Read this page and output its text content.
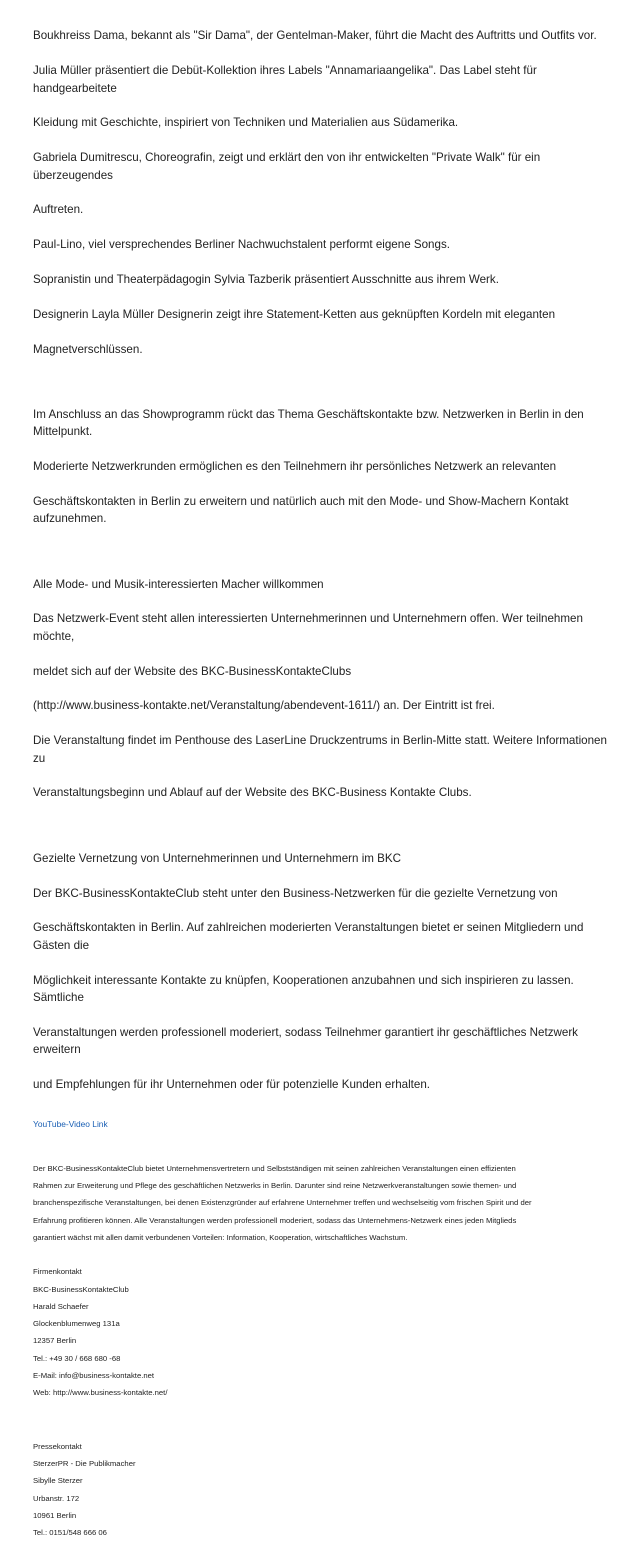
Boukhreiss Dama, bekannt als "Sir Dama", der Gentelman-Maker, führt die Macht des Auftritts und Outfits vor.

Julia Müller präsentiert die Debüt-Kollektion ihres Labels "Annamariaangelika". Das Label steht für handgearbeitete

Kleidung mit Geschichte, inspiriert von Techniken und Materialien aus Südamerika.

Gabriela Dumitrescu, Choreografin, zeigt und erklärt den von ihr entwickelten "Private Walk" für ein überzeugendes

Auftreten.

Paul-Lino, viel versprechendes Berliner Nachwuchstalent performt eigene Songs.

Sopranistin und Theaterpädagogin Sylvia Tazberik präsentiert Ausschnitte aus ihrem Werk.

Designerin Layla Müller Designerin zeigt ihre Statement-Ketten aus geknüpften Kordeln mit eleganten

Magnetverschlüssen.

Im Anschluss an das Showprogramm rückt das Thema Geschäftskontakte bzw. Netzwerken in Berlin in den Mittelpunkt.

Moderierte Netzwerkrunden ermöglichen es den Teilnehmern ihr persönliches Netzwerk an relevanten

Geschäftskontakten in Berlin zu erweitern und natürlich auch mit den Mode- und Show-Machern Kontakt aufzunehmen.

Alle Mode- und Musik-interessierten Macher willkommen

Das Netzwerk-Event steht allen interessierten Unternehmerinnen und Unternehmern offen. Wer teilnehmen möchte,

meldet sich auf der Website des BKC-BusinessKontakteClubs

(http://www.business-kontakte.net/Veranstaltung/abendevent-1611/) an. Der Eintritt ist frei.

Die Veranstaltung findet im Penthouse des LaserLine Druckzentrums in Berlin-Mitte statt. Weitere Informationen zu

Veranstaltungsbeginn und Ablauf auf der Website des BKC-Business Kontakte Clubs.

Gezielte Vernetzung von Unternehmerinnen und Unternehmern im BKC

Der BKC-BusinessKontakteClub steht unter den Business-Netzwerken für die gezielte Vernetzung von

Geschäftskontakten in Berlin. Auf zahlreichen moderierten Veranstaltungen bietet er seinen Mitgliedern und Gästen die

Möglichkeit interessante Kontakte zu knüpfen, Kooperationen anzubahnen und sich inspirieren zu lassen. Sämtliche

Veranstaltungen werden professionell moderiert, sodass Teilnehmer garantiert ihr geschäftliches Netzwerk erweitern

und Empfehlungen für ihr Unternehmen oder für potenzielle Kunden erhalten.

YouTube-Video Link
Der BKC-BusinessKontakteClub bietet Unternehmensvertretern und Selbstständigen mit seinen zahlreichen Veranstaltungen einen effizienten
Rahmen zur Erweiterung und Pflege des geschäftlichen Netzwerks in Berlin. Darunter sind reine Netzwerkveranstaltungen sowie themen- und
branchenspezifische Veranstaltungen, bei denen Existenzgründer auf erfahrene Unternehmer treffen und wechselseitig vom frischen Spirit und der
Erfahrung profitieren können. Alle Veranstaltungen werden professionell moderiert, sodass das Unternehmens-Netzwerk eines jeden Mitglieds
garantiert wächst mit allen damit verbundenen Vorteilen: Information, Kooperation, wirtschaftliches Wachstum.
Firmenkontakt
BKC-BusinessKontakteClub
Harald Schaefer
Glockenblumenweg 131a
12357 Berlin
Tel.: +49 30 / 668 680 -68
E-Mail: info@business-kontakte.net
Web: http://www.business-kontakte.net/
Pressekontakt
SterzerPR - Die Publikmacher
Sibylle Sterzer
Urbanstr. 172
10961 Berlin
Tel.: 0151/548 666 06
